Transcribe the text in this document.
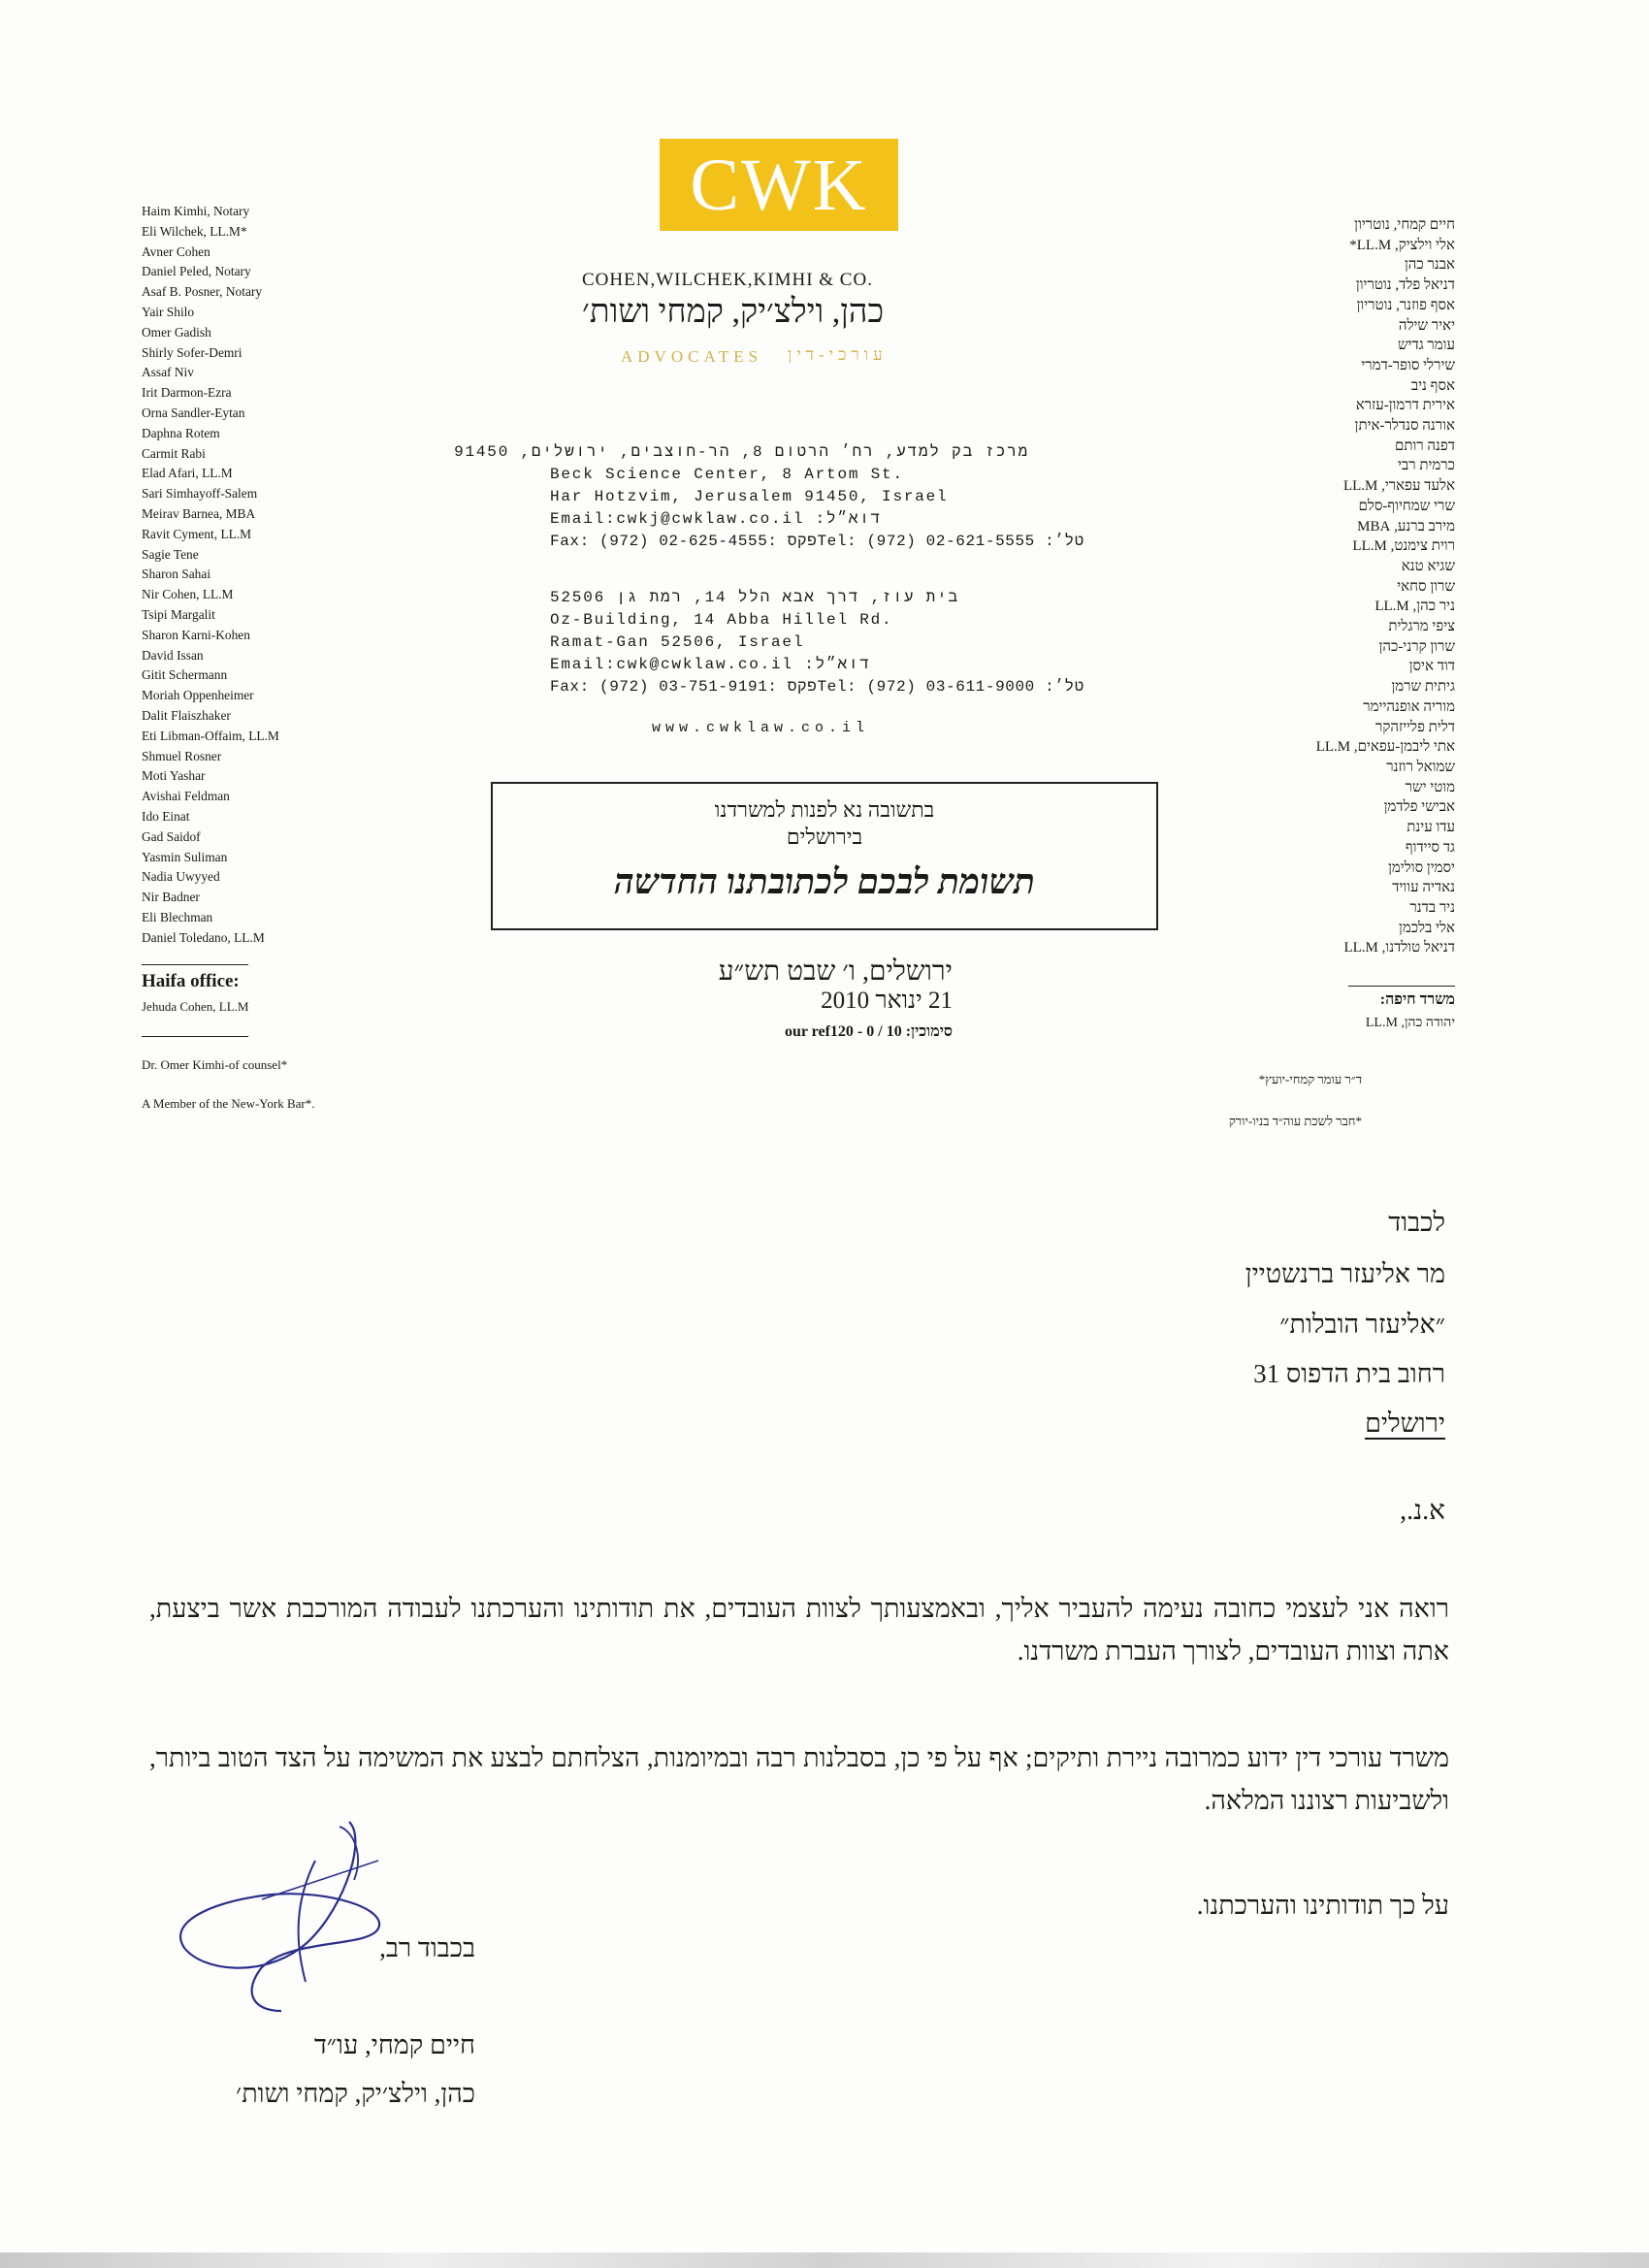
Haim Kimhi, Notary
Eli Wilchek, LL.M*
Avner Cohen
Daniel Peled, Notary
Asaf B. Posner, Notary
Yair Shilo
Omer Gadish
Shirly Sofer-Demri
Assaf Niv
Irit Darmon-Ezra
Orna Sandler-Eytan
Daphna Rotem
Carmit Rabi
Elad Afari, LL.M
Sari Simhayoff-Salem
Meirav Barnea, MBA
Ravit Cyment, LL.M
Sagie Tene
Sharon Sahai
Nir Cohen, LL.M
Tsipi Margalit
Sharon Karni-Kohen
David Issan
Gitit Schermann
Moriah Oppenheimer
Dalit Flaiszhaker
Eti Libman-Offaim, LL.M
Shmuel Rosner
Moti Yashar
Avishai Feldman
Ido Einat
Gad Saidof
Yasmin Suliman
Nadia Uwyyed
Nir Badner
Eli Blechman
Daniel Toledano, LL.M
Haifa office:
Jehuda Cohen, LL.M
Dr. Omer Kimhi-of counsel*
A Member of the New-York Bar*.
חיים קמחי, נוטריון
אלי וילציק, LL.M*
אבנר כהן
דניאל פלד, נוטריון
אסף פוזנר, נוטריון
יאיר שילה
עומר גדיש
שירלי סופר-דמרי
אסף ניב
אירית דרמון-עזרא
אורנה סנדלר-איתן
דפנה רותם
כרמית רבי
אלעד עפארי, LL.M
שרי שמחיוף-סלם
מירב ברנע, MBA
רוית צימנט, LL.M
שגיא טנא
שרון סחאי
ניר כהן, LL.M
ציפי מרגלית
שרון קרני-כהן
דוד איסן
גיתית שרמן
מוריה אופנהיימר
דלית פלייזהקר
אתי ליבמן-עפאים, LL.M
שמואל רוזנר
מוטי ישר
אבישי פלדמן
עדו עינת
גד סיידוף
יסמין סולימן
נאדיה עוויד
ניר בדנר
אלי בלכמן
דניאל טולדנו, LL.M
משרד חיפה:
יהודה כהן, LL.M
ד״ר עומר קמחי-יועץ*
*חבר לשכת עוה״ד בניו-יורק
CWK
COHEN,WILCHEK,KIMHI & CO.
כהן, וילצ׳יק, קמחי ושות׳
ADVOCATES עורכי-דין
מרכז בק למדע, רח׳ הרטום 8, הר-חוצבים, ירושלים, 91450
Beck Science Center, 8 Artom St.
Har Hotzvim, Jerusalem 91450, Israel
Email:cwkj@cwklaw.co.il :דוא״ל
Fax: (972) 02-625-4555: פקס Tel: (972) 02-621-5555 :טל׳
בית עוז, דרך אבא הלל 14, רמת גן 52506
Oz-Building, 14 Abba Hillel Rd.
Ramat-Gan 52506, Israel
Email:cwk@cwklaw.co.il :דוא״ל
Fax: (972) 03-751-9191: פקס Tel: (972) 03-611-9000 :טל׳
www.cwklaw.co.il
בתשובה נא לפנות למשרדנו
בירושלים
תשומת לבכם לכתובתנו החדשה
ירושלים, ו׳ שבט תש״ע
21 ינואר 2010
סימוכין: our ref120 - 0 / 10
לכבוד
מר אליעזר ברנשטיין
״אליעזר הובלות״
רחוב בית הדפוס 31
ירושלים
א.נ.,
רואה אני לעצמי כחובה נעימה להעביר אליך, ובאמצעותך לצוות העובדים, את תודותינו והערכתנו לעבודה המורכבת אשר ביצעת, אתה וצוות העובדים, לצורך העברת משרדנו.
משרד עורכי דין ידוע כמרובה ניירת ותיקים; אף על פי כן, בסבלנות רבה ובמיומנות, הצלחתם לבצע את המשימה על הצד הטוב ביותר, ולשביעות רצוננו המלאה.
על כך תודותינו והערכתנו.
בכבוד רב,
חיים קמחי, עו״ד
כהן, וילצ׳יק, קמחי ושות׳
